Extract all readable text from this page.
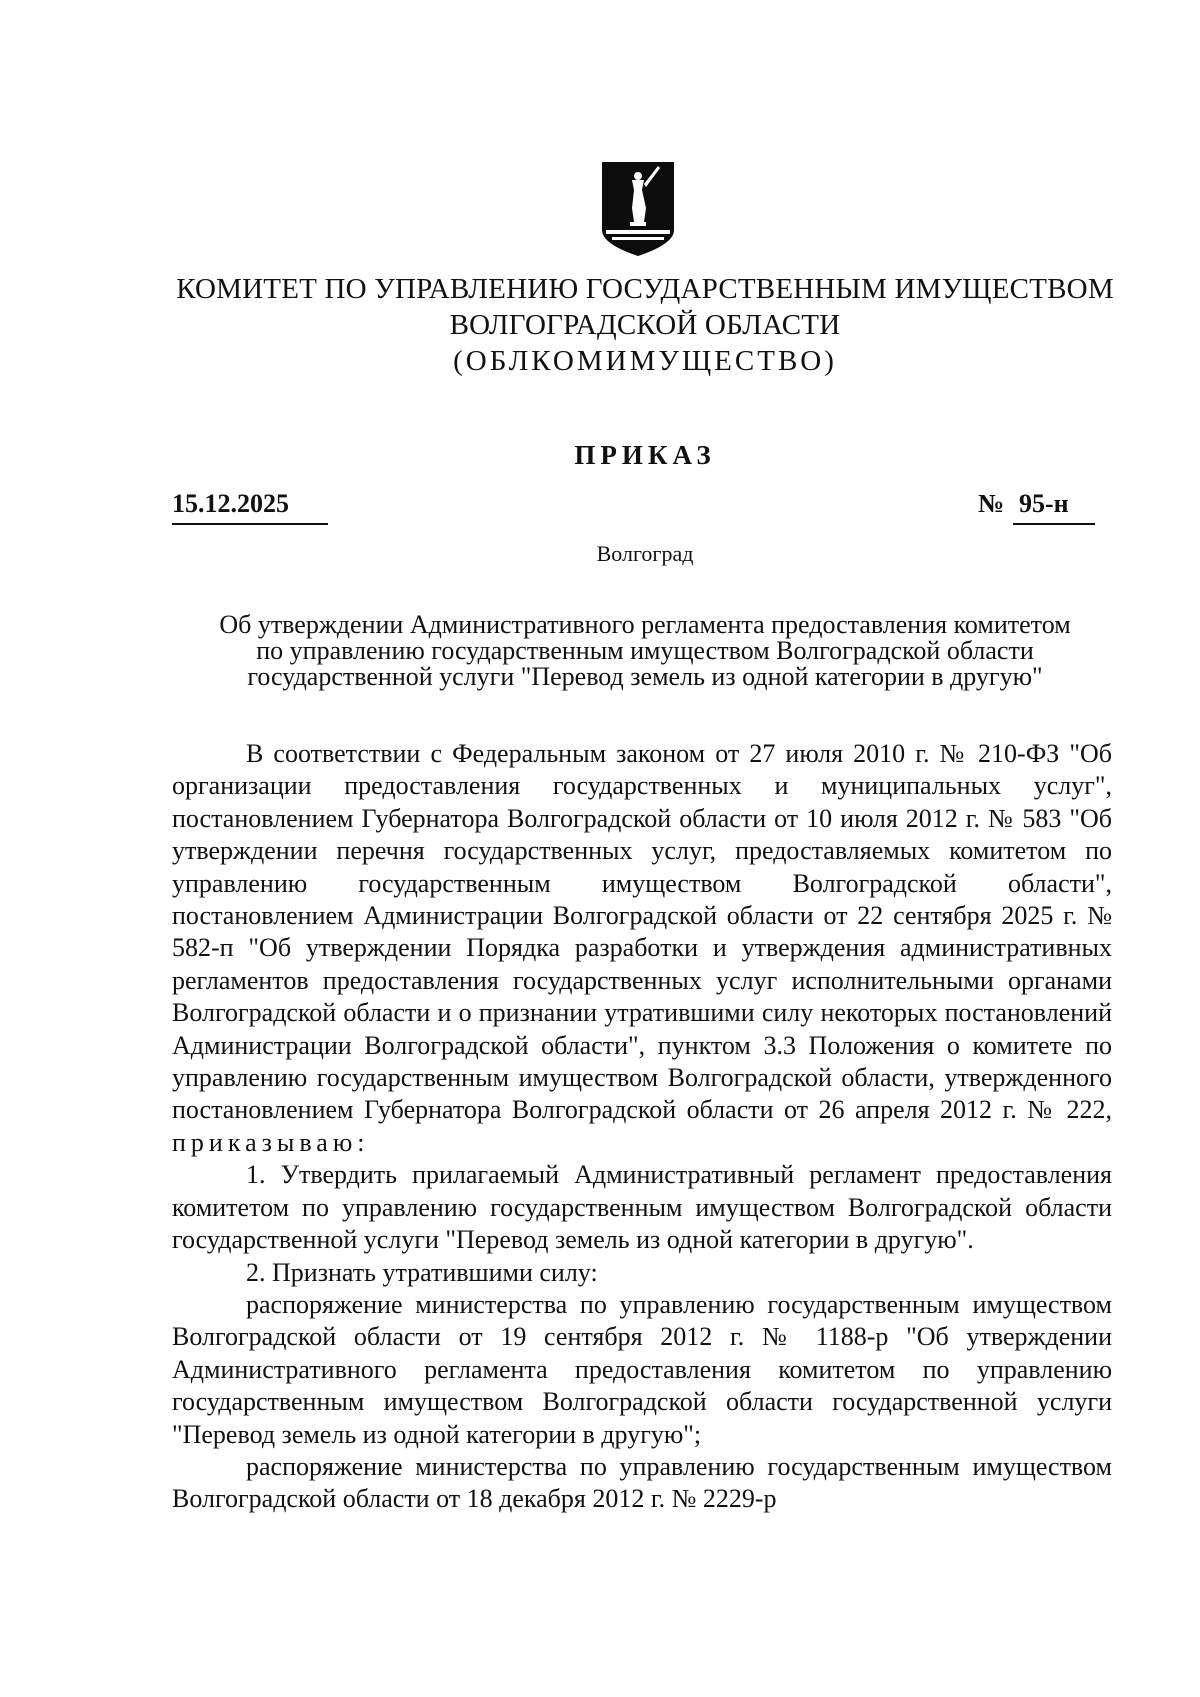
КОМИТЕТ ПО УПРАВЛЕНИЮ ГОСУДАРСТВЕННЫМ ИМУЩЕСТВОМ
ВОЛГОГРАДСКОЙ ОБЛАСТИ
(ОБЛКОМИМУЩЕСТВО)
ПРИКАЗ
15.12.2025	№ 95-н
Волгоград
Об утверждении Административного регламента предоставления комитетом
по управлению государственным имуществом Волгоградской области
государственной услуги "Перевод земель из одной категории в другую"

В соответствии с Федеральным законом от 27 июля 2010 г. № 210-ФЗ "Об организации предоставления государственных и муниципальных услуг", постановлением Губернатора Волгоградской области от 10 июля 2012 г. № 583 "Об утверждении перечня государственных услуг, предоставляемых комитетом по управлению государственным имуществом Волгоградской области", постановлением Администрации Волгоградской области от 22 сентября 2025 г. № 582-п "Об утверждении Порядка разработки и утверждения административных регламентов предоставления государственных услуг исполнительными органами Волгоградской области и о признании утратившими силу некоторых постановлений Администрации Волгоградской области", пунктом 3.3 Положения о комитете по управлению государственным имуществом Волгоградской области, утвержденного постановлением Губернатора Волгоградской области от 26 апреля 2012 г. № 222, приказываю:

1. Утвердить прилагаемый Административный регламент предоставления комитетом по управлению государственным имуществом Волгоградской области государственной услуги "Перевод земель из одной категории в другую".

2. Признать утратившими силу:

распоряжение министерства по управлению государственным имуществом Волгоградской области от 19 сентября 2012 г. № 1188-р "Об утверждении Административного регламента предоставления комитетом по управлению государственным имуществом Волгоградской области государственной услуги "Перевод земель из одной категории в другую";

распоряжение министерства по управлению государственным имуществом Волгоградской области от 18 декабря 2012 г. № 2229-р
